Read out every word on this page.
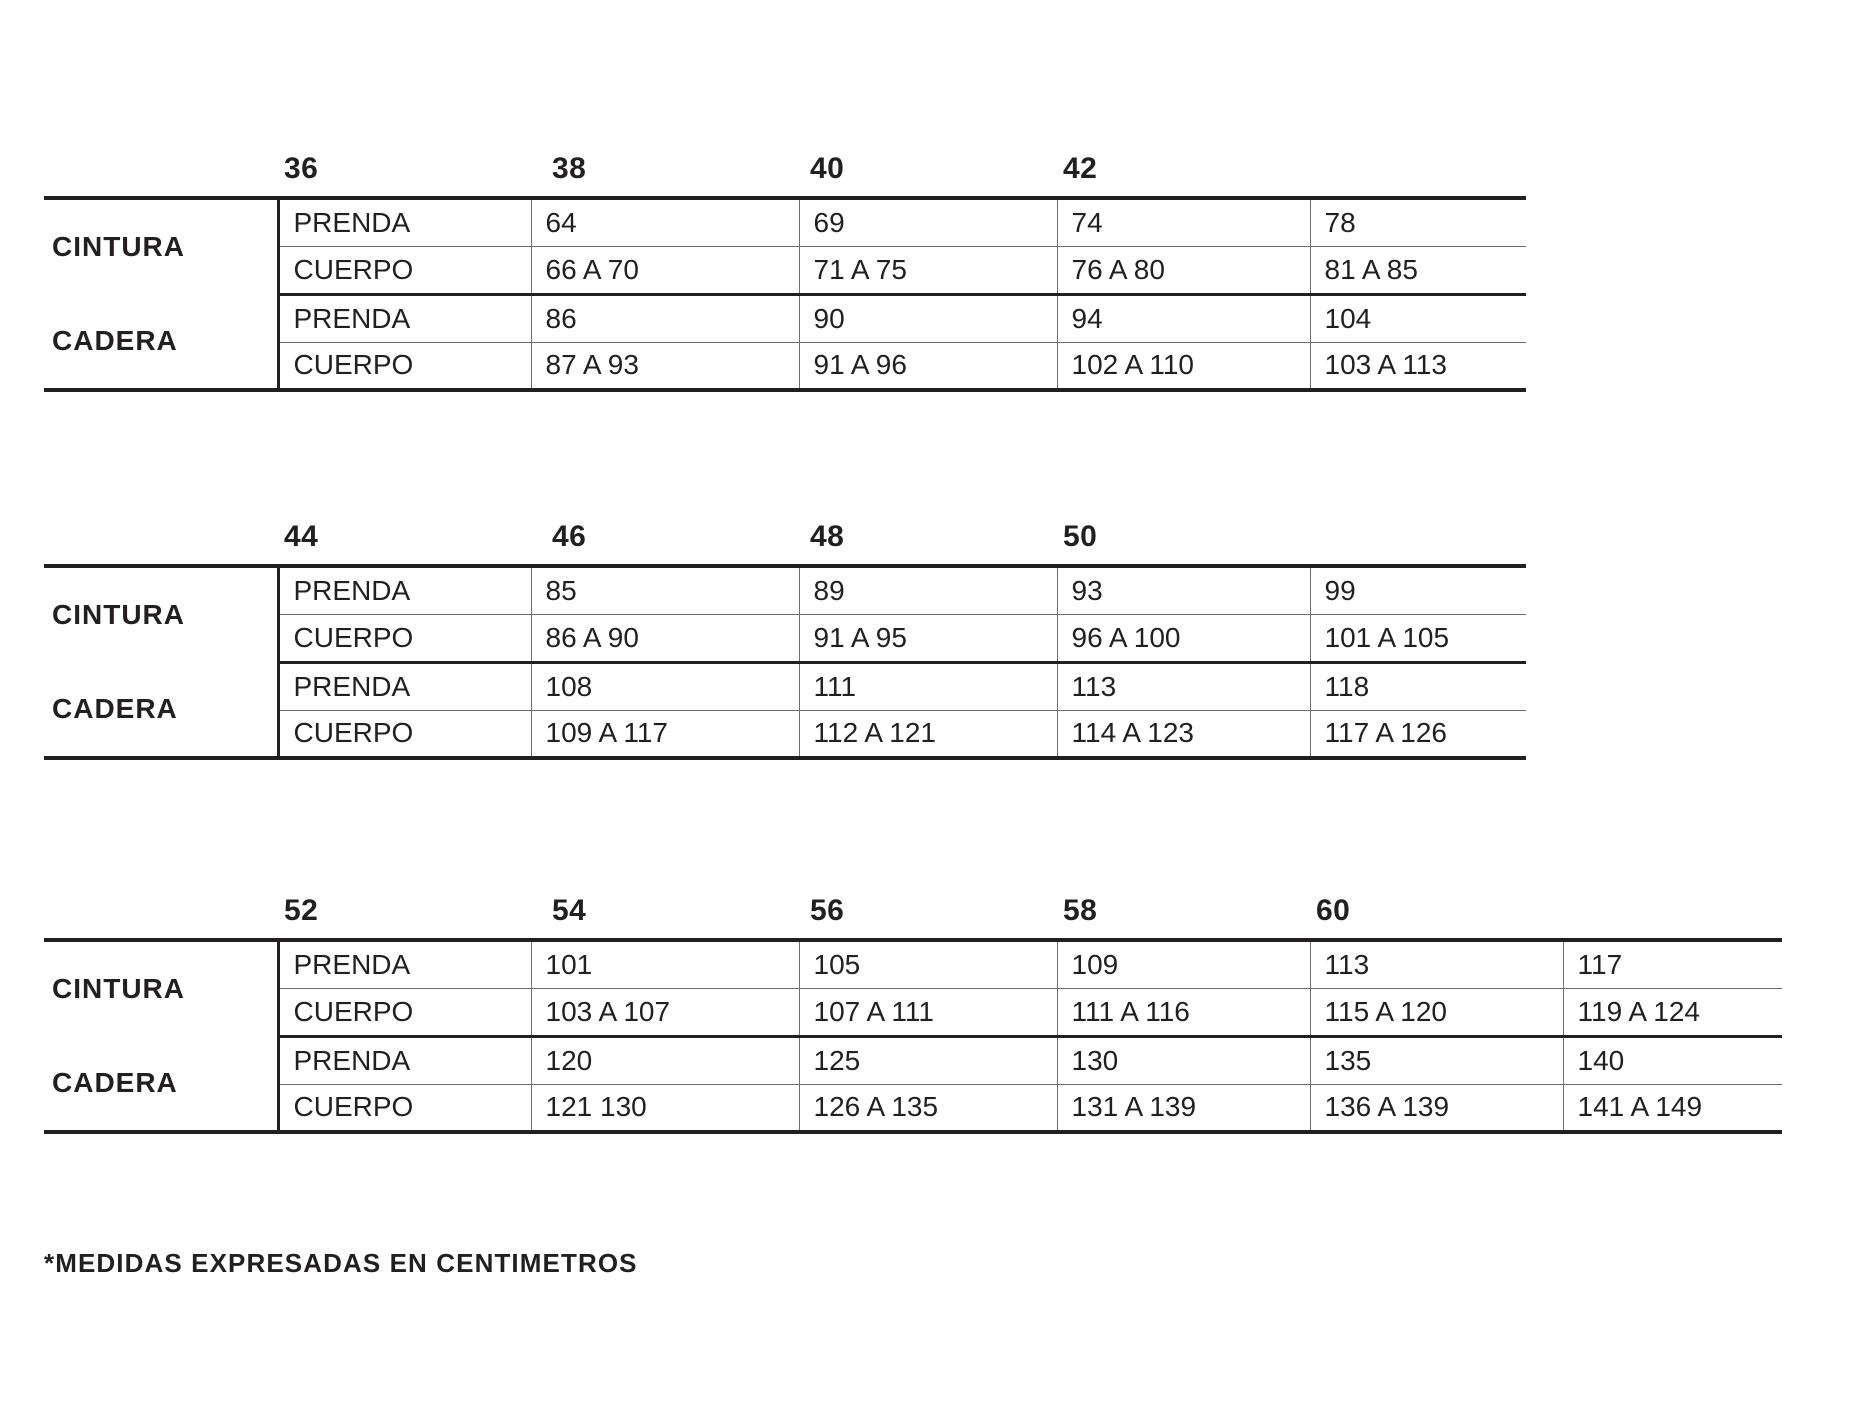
36	38	40	42
CINTURA	PRENDA	64	69	74	78
	CUERPO	66 A 70	71 A 75	76 A 80	81 A 85
CADERA	PRENDA	86	90	94	104
	CUERPO	87 A 93	91 A 96	102 A 110	103 A 113
44	46	48	50
CINTURA	PRENDA	85	89	93	99
	CUERPO	86 A 90	91 A 95	96 A 100	101 A 105
CADERA	PRENDA	108	111	113	118
	CUERPO	109 A 117	112 A 121	114 A 123	117 A 126
52	54	56	58	60
CINTURA	PRENDA	101	105	109	113	117
	CUERPO	103 A 107	107 A 111	111 A 116	115 A 120	119 A 124
CADERA	PRENDA	120	125	130	135	140
	CUERPO	121 130	126 A 135	131 A 139	136 A 139	141 A 149
*MEDIDAS EXPRESADAS EN CENTIMETROS
